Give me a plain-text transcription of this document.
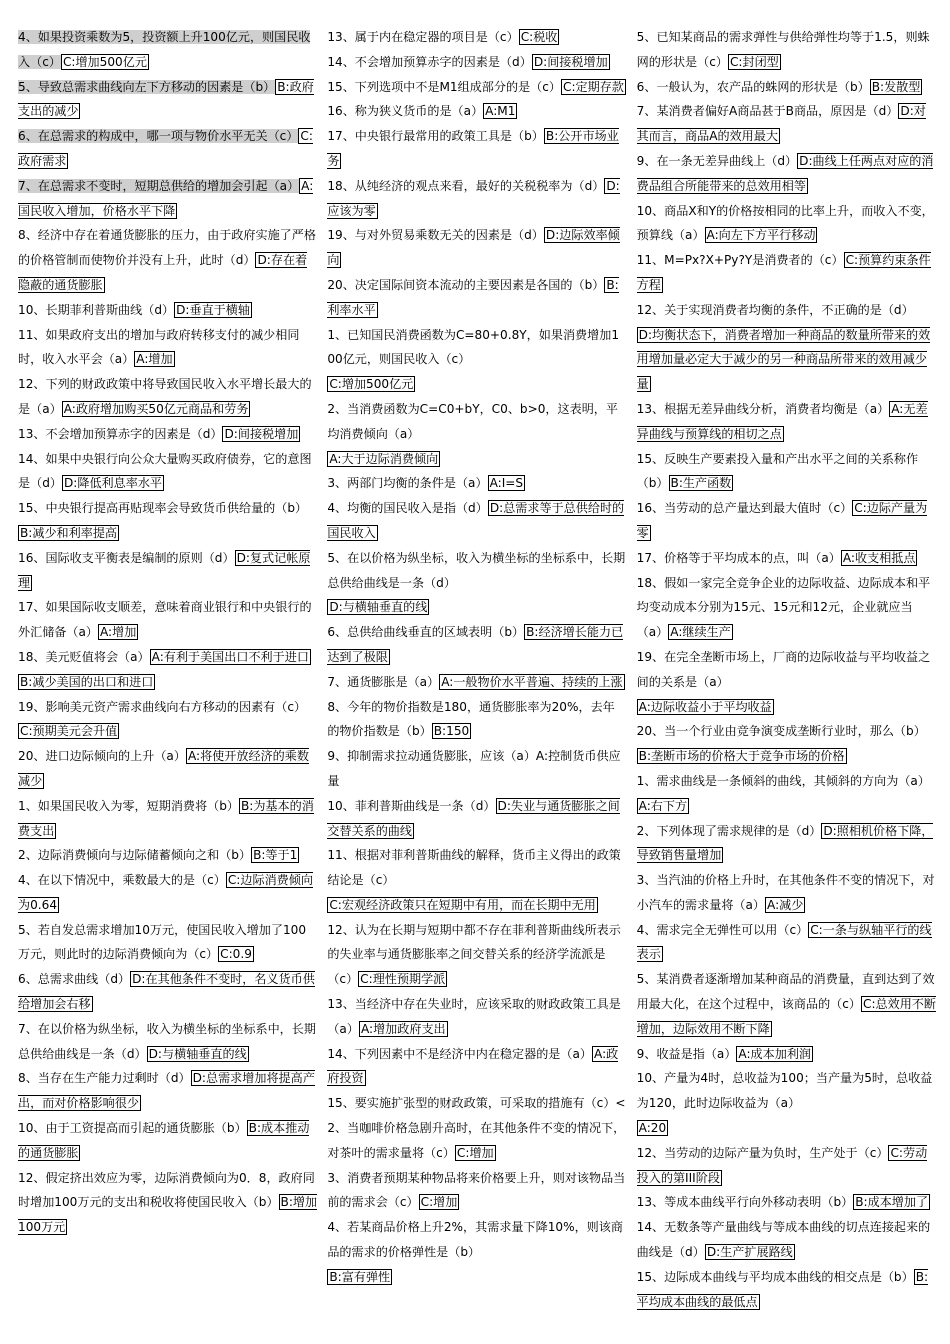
4、如果投资乘数为5，投资额上升100亿元，则国民收入（c） C:增加500亿元

5、导致总需求曲线向左下方移动的因素是（b） B:政府支出的减少

6、在总需求的构成中，哪一项与物价水平无关（c） C:政府需求

7、在总需求不变时，短期总供给的增加会引起（a） A:国民收入增加，价格水平下降

8、经济中存在着通货膨胀的压力，由于政府实施了严格的价格管制而使物价并没有上升，此时（d） D:存在着隐蔽的通货膨胀

10、长期菲利普斯曲线（d） D:垂直于横轴

11、如果政府支出的增加与政府转移支付的减少相同时，收入水平会（a） A:增加

12、下列的财政政策中将导致国民收入水平增长最大的是（a） A:政府增加购买50亿元商品和劳务

13、不会增加预算赤字的因素是（d） D:间接税增加

14、如果中央银行向公众大量购买政府债券，它的意图是（d） D:降低利息率水平

15、中央银行提高再贴现率会导致货币供给量的（b）B:减少和利率提高

16、国际收支平衡表是编制的原则（d） D:复式记帐原理

17、如果国际收支顺差，意味着商业银行和中央银行的外汇储备（a） A:增加

18、美元贬值将会（a） A:有利于美国出口不利于进口

B:减少美国的出口和进口

19、影响美元资产需求曲线向右方移动的因素有（c）C:预期美元会升值

20、进口边际倾向的上升（a） A:将使开放经济的乘数减少

1、如果国民收入为零，短期消费将（b） B:为基本的消费支出

2、边际消费倾向与边际储蓄倾向之和（b） B:等于1

4、在以下情况中，乘数最大的是（c） C:边际消费倾向为0.64

5、若自发总需求增加10万元，使国民收入增加了100万元，则此时的边际消费倾向为（c） C:0.9

6、总需求曲线（d） D:在其他条件不变时，名义货币供给增加会右移

7、在以价格为纵坐标，收入为横坐标的坐标系中，长期总供给曲线是一条（d） D:与横轴垂直的线

8、当存在生产能力过剩时（d） D:总需求增加将提高产出，而对价格影响很少

10、由于工资提高而引起的通货膨胀（b） B:成本推动的通货膨胀

12、假定挤出效应为零，边际消费倾向为0．8，政府同时增加100万元的支出和税收将使国民收入（b） B:增加100万元

13、属于内在稳定器的项目是（c） C:税收

14、不会增加预算赤字的因素是（d） D:间接税增加

15、下列选项中不是M1组成部分的是（c） C:定期存款

16、称为狭义货币的是（a） A:M1

17、中央银行最常用的政策工具是（b） B:公开市场业务

18、从纯经济的观点来看，最好的关税税率为（d） D:应该为零

19、与对外贸易乘数无关的因素是（d） D:边际效率倾向

20、决定国际间资本流动的主要因素是各国的（b） B:利率水平

1、已知国民消费函数为C=80+0.8Y，如果消费增加100亿元，则国民收入（c）
C:增加500亿元

2、当消费函数为C=C0+bY，C0、b>0，这表明，平均消费倾向（a）
A:大于边际消费倾向

3、两部门均衡的条件是（a） A:I=S

4、均衡的国民收入是指（d） D:总需求等于总供给时的国民收入

5、在以价格为纵坐标，收入为横坐标的坐标系中，长期总供给曲线是一条（d）
D:与横轴垂直的线

6、总供给曲线垂直的区域表明（b） B:经济增长能力已达到了极限

7、通货膨胀是（a） A:一般物价水平普遍、持续的上涨

8、今年的物价指数是180，通货膨胀率为20%，去年的物价指数是（b） B:150

9、抑制需求拉动通货膨胀，应该（a）A:控制货币供应量

10、菲利普斯曲线是一条（d） D:失业与通货膨胀之间交替关系的曲线

11、根据对菲利普斯曲线的解释，货币主义得出的政策结论是（c）
C:宏观经济政策只在短期中有用，而在长期中无用

12、认为在长期与短期中都不存在菲利普斯曲线所表示的失业率与通货膨胀率之间交替关系的经济学流派是（c） C:理性预期学派

13、当经济中存在失业时，应该采取的财政政策工具是（a） A:增加政府支出

14、下列因素中不是经济中内在稳定器的是（a） A:政府投资

15、要实施扩张型的财政政策，可采取的措施有（c）<

2、当咖啡价格急剧升高时，在其他条件不变的情况下，对茶叶的需求量将（c） C:增加

3、消费者预期某种物品将来价格要上升，则对该物品当前的需求会（c） C:增加

4、若某商品价格上升2%，其需求量下降10%，则该商品的需求的价格弹性是（b）
B:富有弹性

5、已知某商品的需求弹性与供给弹性均等于1.5，则蛛网的形状是（c） C:封闭型

6、一般认为，农产品的蛛网的形状是（b） B:发散型

7、某消费者偏好A商品甚于B商品，原因是（d） D:对其而言，商品A的效用最大

9、在一条无差异曲线上（d） D:曲线上任两点对应的消费品组合所能带来的总效用相等

10、商品X和Y的价格按相同的比率上升，而收入不变，预算线（a） A:向左下方平行移动

11、M=Px?X+Py?Y是消费者的（c） C:预算约束条件方程

12、关于实现消费者均衡的条件，不正确的是（d）
D:均衡状态下，消费者增加一种商品的数量所带来的效用增加量必定大于减少的另一种商品所带来的效用减少量

13、根据无差异曲线分析，消费者均衡是（a） A:无差异曲线与预算线的相切之点

15、反映生产要素投入量和产出水平之间的关系称作（b） B:生产函数

16、当劳动的总产量达到最大值时（c） C:边际产量为零

17、价格等于平均成本的点，叫（a） A:收支相抵点

18、假如一家完全竞争企业的边际收益、边际成本和平均变动成本分别为15元、15元和12元，企业就应当（a） A:继续生产

19、在完全垄断市场上，厂商的边际收益与平均收益之间的关系是（a）
A:边际收益小于平均收益

20、当一个行业由竞争演变成垄断行业时，那么（b）
B:垄断市场的价格大于竞争市场的价格

1、需求曲线是一条倾斜的曲线，其倾斜的方向为（a）A:右下方

2、下列体现了需求规律的是（d） D:照相机价格下降，导致销售量增加

3、当汽油的价格上升时，在其他条件不变的情况下，对小汽车的需求量将（a） A:减少

4、需求完全无弹性可以用（c） C:一条与纵轴平行的线表示

5、某消费者逐渐增加某种商品的消费量，直到达到了效用最大化，在这个过程中，该商品的（c） C:总效用不断增加，边际效用不断下降

9、收益是指（a） A:成本加利润

10、产量为4时，总收益为100；当产量为5时，总收益为120，此时边际收益为（a）
A:20

12、当劳动的边际产量为负时，生产处于（c） C:劳动投入的第III阶段

13、等成本曲线平行向外移动表明（b） B:成本增加了

14、无数条等产量曲线与等成本曲线的切点连接起来的曲线是（d） D:生产扩展路线

15、边际成本曲线与平均成本曲线的相交点是（b） B:平均成本曲线的最低点
